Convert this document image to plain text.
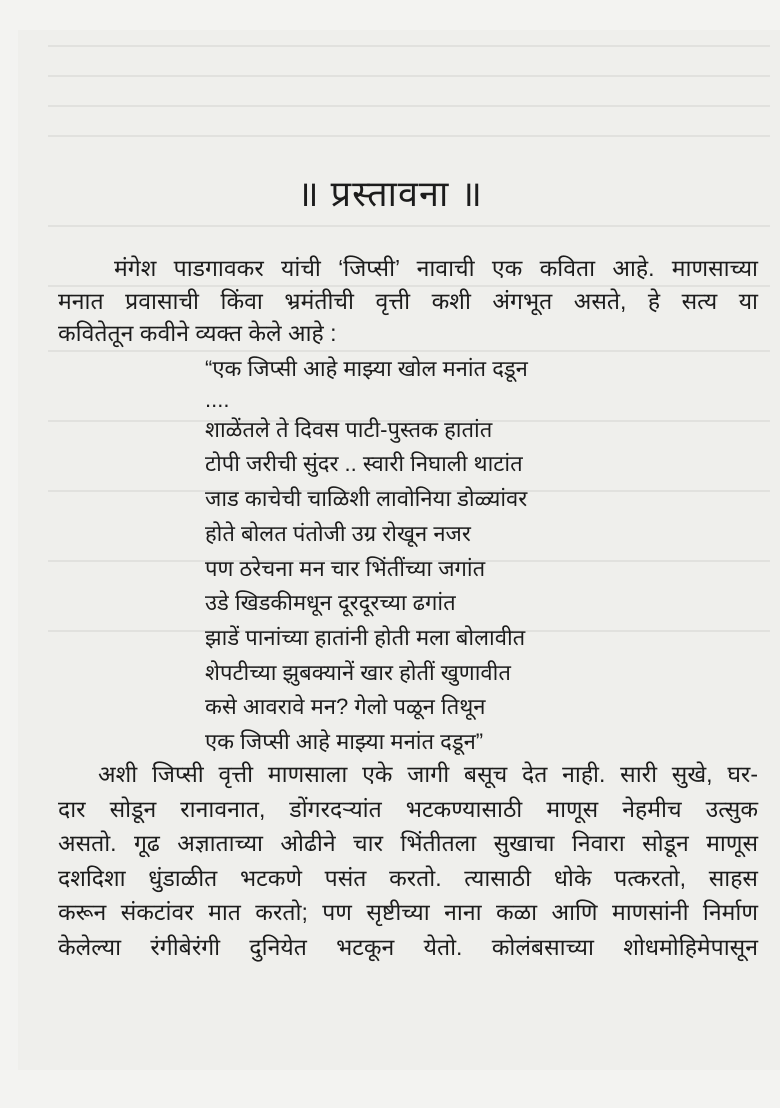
॥ प्रस्तावना ॥
मंगेश पाडगावकर यांची ‘जिप्सी’ नावाची एक कविता आहे. माणसाच्या
मनात प्रवासाची किंवा भ्रमंतीची वृत्ती कशी अंगभूत असते, हे सत्य या
कवितेतून कवीने व्यक्त केले आहे :
“एक जिप्सी आहे माझ्या खोल मनांत दडून
....
शाळेंतले ते दिवस पाटी-पुस्तक हातांत
टोपी जरीची सुंदर .. स्वारी निघाली थाटांत
जाड काचेची चाळिशी लावोनिया डोळ्यांवर
होते बोलत पंतोजी उग्र रोखून नजर
पण ठरेचना मन चार भिंतींच्या जगांत
उडे खिडकीमधून दूरदूरच्या ढगांत
झाडें पानांच्या हातांनी होती मला बोलावीत
शेपटीच्या झुबक्यानें खार होतीं खुणावीत
कसे आवरावे मन? गेलो पळून तिथून
एक जिप्सी आहे माझ्या मनांत दडून”
अशी जिप्सी वृत्ती माणसाला एके जागी बसूच देत नाही. सारी सुखे, घर-
दार सोडून रानावनात, डोंगरदऱ्यांत भटकण्यासाठी माणूस नेहमीच उत्सुक
असतो. गूढ अज्ञाताच्या ओढीने चार भिंतीतला सुखाचा निवारा सोडून माणूस
दशदिशा धुंडाळीत भटकणे पसंत करतो. त्यासाठी धोके पत्करतो, साहस
करून संकटांवर मात करतो; पण सृष्टीच्या नाना कळा आणि माणसांनी निर्माण
केलेल्या रंगीबेरंगी दुनियेत भटकून येतो. कोलंबसाच्या शोधमोहिमेपासून
